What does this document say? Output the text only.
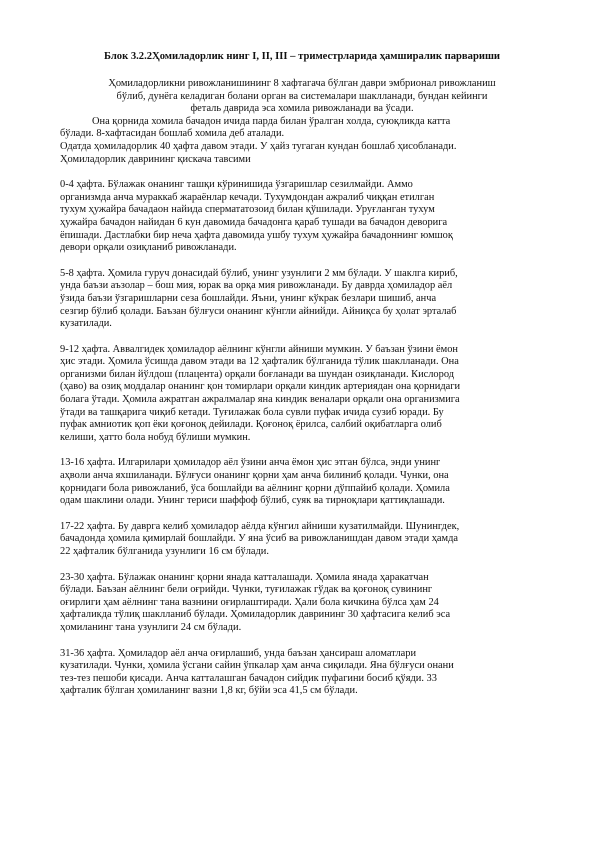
Блок 3.2.2Ҳомиладорлик нинг I, II, III – триместрларида ҳамширалик парвариши
Ҳомиладорликни ривожланишининг 8 хафтагача бўлган даври эмбрионал ривожланиш
бўлиб, дунёга келадиган болани орган ва системалари шаклланади, бундан кейинги
феталь даврида эса хомила ривожланади ва ўсади.
Она қорнида хомила бачадон ичида парда билан ўралган холда, суюқликда катта
бўлади. 8-хафтасидан бошлаб хомила деб аталади.
Одатда ҳомиладорлик 40 ҳафта давом этади. У ҳайз тугаган кундан бошлаб ҳисобланади.
Ҳомиладорлик даврининг қискача тавсими
0-4 ҳафта. Бўлажак онанинг ташқи кўринишида ўзгаришлар сезилмайди. Аммо
организмда анча мураккаб жараёнлар кечади. Тухумдондан ажралиб чиққан етилган
тухум ҳужайра бачадаон найида спермататозоид билан қўшилади. Уруғланган тухум
ҳужайра бачадон найидан 6 кун давомида бачадонга қараб тушади ва бачадон деворига
ёпишади. Дастлабки бир неча ҳафта давомида ушбу тухум ҳужайра бачадоннинг юмшоқ
девори орқали озиқланиб ривожланади.
5-8 ҳафта. Ҳомила гуруч донасидай бўлиб, унинг узунлиги 2 мм бўлади. У шаклга кириб,
унда баъзи аъзолар – бош мия, юрак ва орқа мия ривожланади. Бу даврда ҳомиладор аёл
ўзида баъзи ўзгаришларни сеза бошлайди. Яъни, унинг кўкрак безлари шишиб, анча
сезгир бўлиб қолади. Баъзан бўлғуси онанинг кўнгли айнийди. Айниқса бу ҳолат эрталаб
кузатилади.
9-12 ҳафта. Аввалгидек ҳомиладор аёлнинг кўнгли айниши мумкин. У баъзан ўзини ёмон
ҳис этади. Ҳомила ўсишда давом этади ва 12 ҳафталик бўлганида тўлик шаклланади. Она
организми билан йўлдош (плацента) орқали боғланади ва шундан озиқланади. Кислород
(ҳаво) ва озиқ моддалар онанинг қон томирлари орқали киндик артериядан она қорнидаги
болага ўтади. Ҳомила ажратган ажралмалар яна киндик веналари орқали она организмига
ўтади ва ташқарига чиқиб кетади. Туғилажак бола сувли пуфак ичида сузиб юради. Бу
пуфак амниотик қоп ёки қоғоноқ дейилади. Қоғоноқ ёрилса, салбий оқибатларга олиб
келиши, ҳатто бола нобуд бўлиши мумкин.
13-16 ҳафта. Илгарилари ҳомиладор аёл ўзини анча ёмон ҳис этган бўлса, энди унинг
аҳволи анча яхшиланади. Бўлғуси онанинг қорни ҳам анча билиниб қолади. Чунки, она
қорнидаги бола ривожланиб, ўса бошлайди ва аёлнинг қорни дўппайиб қолади. Ҳомила
одам шаклини олади. Унинг териси шаффоф бўлиб, суяк ва тирноқлари қаттиқлашади.
17-22 ҳафта. Бу даврга келиб ҳомиладор аёлда кўнгил айниши кузатилмайди. Шунингдек,
бачадонда ҳомила қимирлай бошлайди. У яна ўсиб ва ривожланишдан давом этади ҳамда
22 ҳафталик бўлганида узунлиги 16 см бўлади.
23-30 ҳафта. Бўлажак онанинг қорни янада катталашади. Ҳомила янада ҳаракатчан
бўлади. Баъзан аёлнинг бели оғрийди. Чунки, туғилажак гўдак ва қоғоноқ сувининг
оғирлиги ҳам аёлнинг тана вазнини оғирлаштиради. Ҳали бола кичкина бўлса ҳам 24
ҳафталикда тўлиқ шаклланиб бўлади. Ҳомиладорлик даврининг 30 ҳафтасига келиб эса
ҳомиланинг тана узунлиги 24 см бўлади.
31-36 ҳафта. Ҳомиладор аёл анча оғирлашиб, унда баъзан ҳансираш аломатлари
кузатилади. Чунки, ҳомила ўсгани сайин ўпкалар ҳам анча сиқилади. Яна бўлғуси онани
тез-тез пешоби қисади. Анча катталашган бачадон сийдик пуфагини босиб қўяди. 33
ҳафталик бўлган ҳомиланинг вазни 1,8 кг, бўйи эса 41,5 см бўлади.
